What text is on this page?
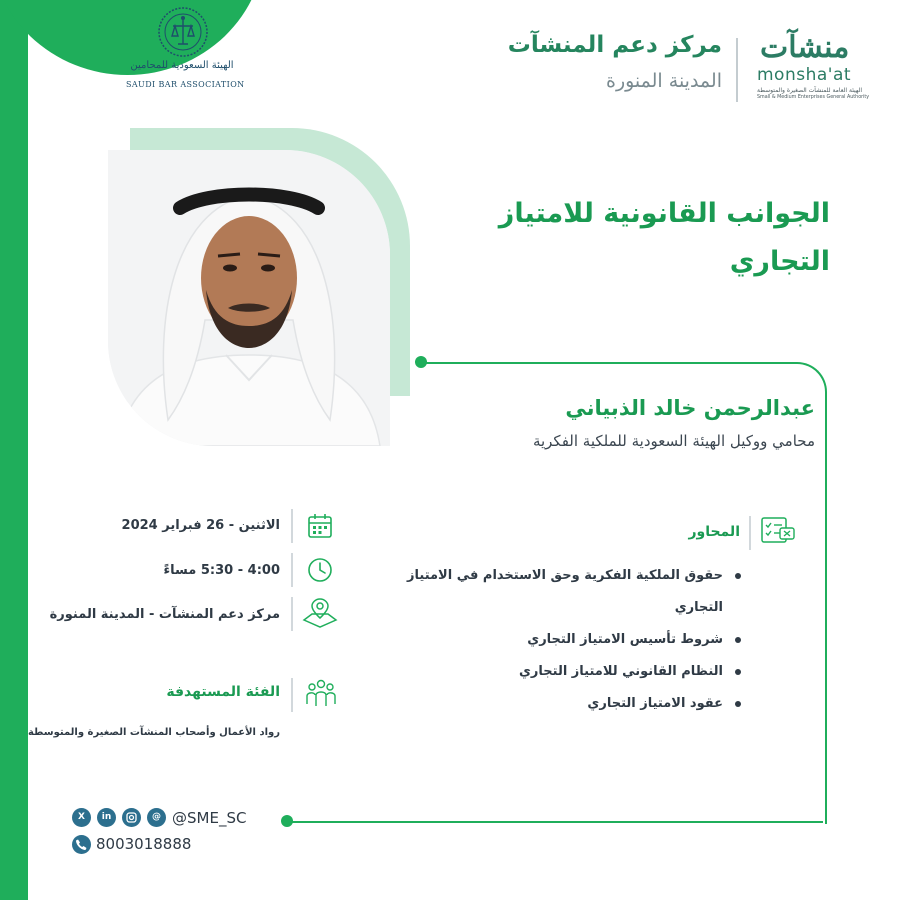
مركز دعم المنشآت
المدينة المنورة
منشآت
monsha'at
الهيئة العامة للمنشآت الصغيرة والمتوسطة
Small & Medium Enterprises General Authority
الهيئة السعودية للمحامين
SAUDI BAR ASSOCIATION
الجوانب القانونية للامتياز التجاري
عبدالرحمن خالد الذبياني
محامي ووكيل الهيئة السعودية للملكية الفكرية
الاثنين - 26 فبراير 2024
4:00 - 5:30 مساءً
مركز دعم المنشآت - المدينة المنورة
الفئة المستهدفة
رواد الأعمال وأصحاب المنشآت الصغيرة والمتوسطة
المحاور
حقوق الملكية الفكرية وحق الاستخدام في الامتياز التجاري
شروط تأسيس الامتياز التجاري
النظام القانوني للامتياز التجاري
عقود الامتياز التجاري
X	in	@ @SME_SC
8003018888
